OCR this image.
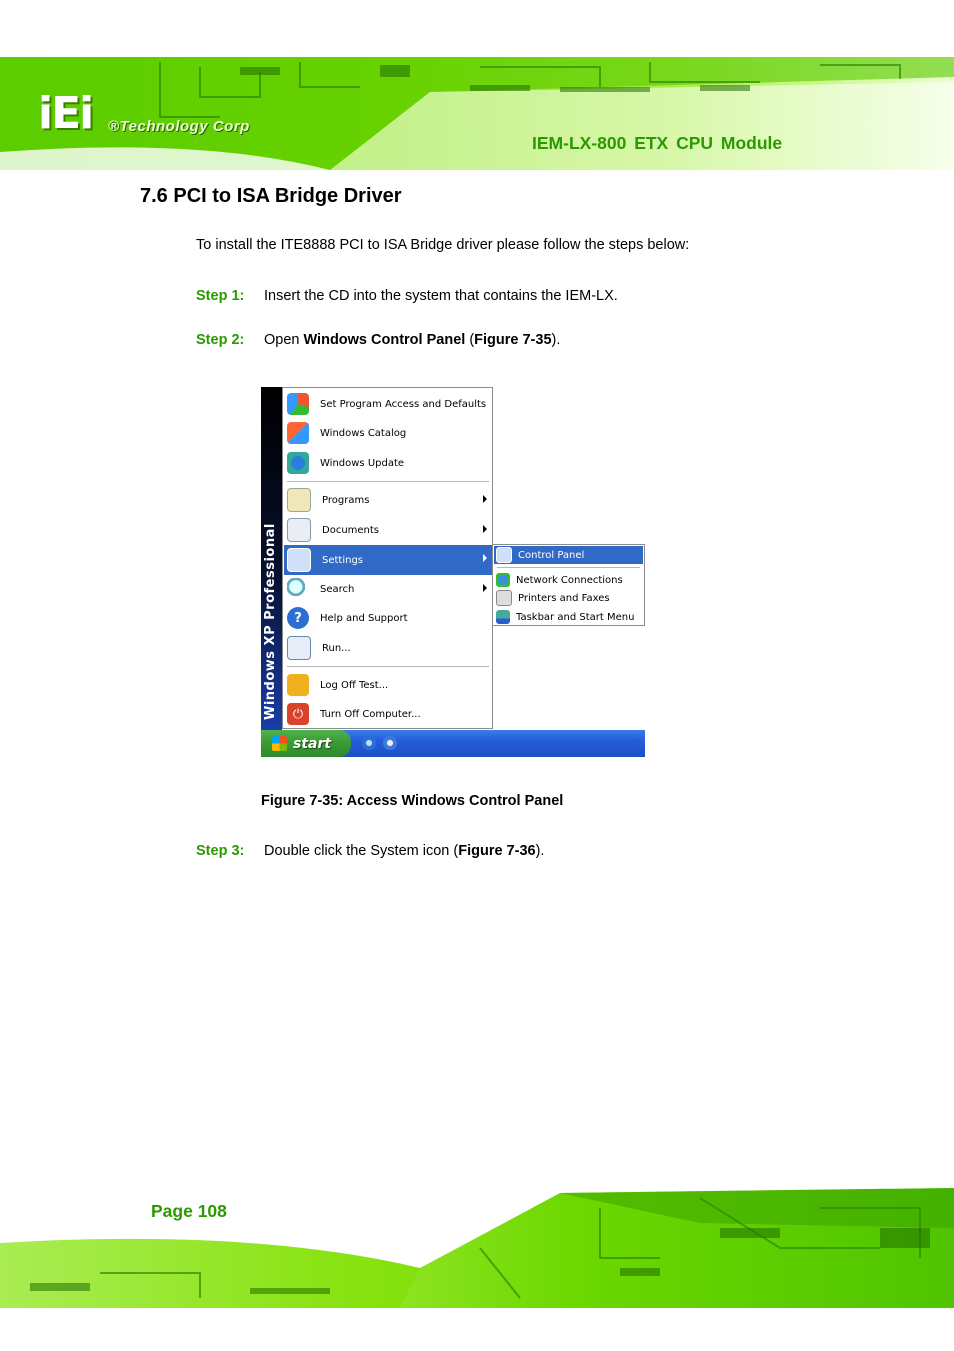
iEi ®Technology Corp
IEM-LX-800 ETX CPU Module
7.6 PCI to ISA Bridge Driver
To install the ITE8888 PCI to ISA Bridge driver please follow the steps below:
Step 1: Insert the CD into the system that contains the IEM-LX.
Step 2: Open Windows Control Panel (Figure 7-35).
Windows XP Professional
Set Program Access and Defaults
Windows Catalog
Windows Update
Programs
Documents
Settings
Search
?	Help and Support
Run...
Log Off Test...
⏻	Turn Off Computer...
Control Panel
Network Connections
Printers and Faxes
Taskbar and Start Menu
start
Figure 7-35: Access Windows Control Panel
Step 3: Double click the System icon (Figure 7-36).
Page 108
